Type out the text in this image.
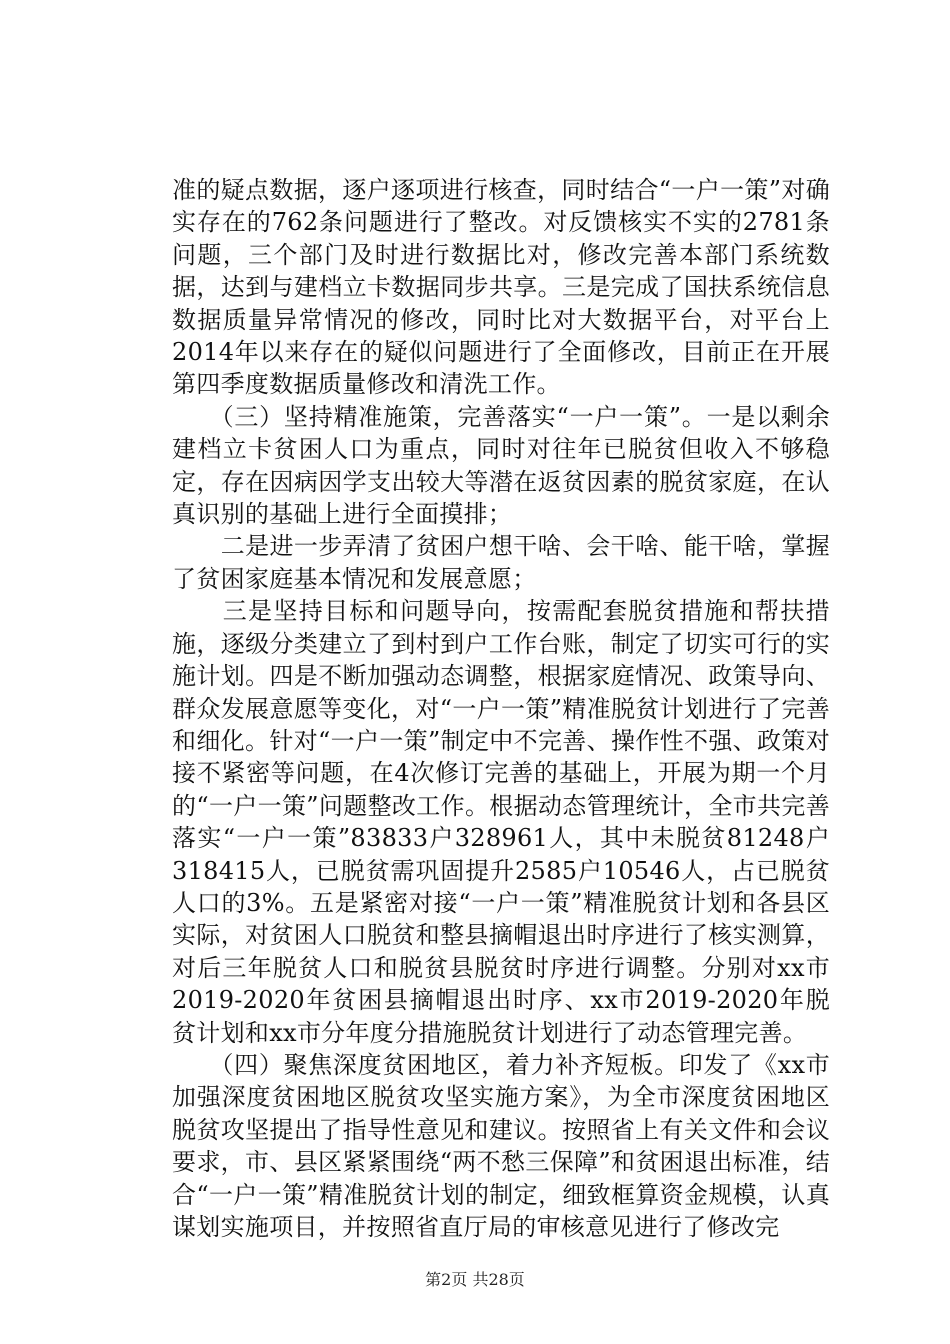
准的疑点数据，逐户逐项进行核查，同时结合“一户一策”对确实存在的762条问题进行了整改。对反馈核实不实的2781条问题，三个部门及时进行数据比对，修改完善本部门系统数据，达到与建档立卡数据同步共享。三是完成了国扶系统信息数据质量异常情况的修改，同时比对大数据平台，对平台上2014年以来存在的疑似问题进行了全面修改，目前正在开展第四季度数据质量修改和清洗工作。

　　（三）坚持精准施策，完善落实“一户一策”。一是以剩余建档立卡贫困人口为重点，同时对往年已脱贫但收入不够稳定，存在因病因学支出较大等潜在返贫因素的脱贫家庭，在认真识别的基础上进行全面摸排；

　　二是进一步弄清了贫困户想干啥、会干啥、能干啥，掌握了贫困家庭基本情况和发展意愿；

　　三是坚持目标和问题导向，按需配套脱贫措施和帮扶措施，逐级分类建立了到村到户工作台账，制定了切实可行的实施计划。四是不断加强动态调整，根据家庭情况、政策导向、群众发展意愿等变化，对“一户一策”精准脱贫计划进行了完善和细化。针对“一户一策”制定中不完善、操作性不强、政策对接不紧密等问题，在4次修订完善的基础上，开展为期一个月的“一户一策”问题整改工作。根据动态管理统计，全市共完善落实“一户一策”83833户328961人，其中未脱贫81248户318415人，已脱贫需巩固提升2585户10546人，占已脱贫人口的3%。五是紧密对接“一户一策”精准脱贫计划和各县区实际，对贫困人口脱贫和整县摘帽退出时序进行了核实测算，对后三年脱贫人口和脱贫县脱贫时序进行调整。分别对xx市2019-2020年贫困县摘帽退出时序、xx市2019-2020年脱贫计划和xx市分年度分措施脱贫计划进行了动态管理完善。

　　（四）聚焦深度贫困地区，着力补齐短板。印发了《xx市加强深度贫困地区脱贫攻坚实施方案》，为全市深度贫困地区脱贫攻坚提出了指导性意见和建议。按照省上有关文件和会议要求，市、县区紧紧围绕“两不愁三保障”和贫困退出标准，结合“一户一策”精准脱贫计划的制定，细致框算资金规模，认真谋划实施项目，并按照省直厅局的审核意见进行了修改完

第2页 共28页
